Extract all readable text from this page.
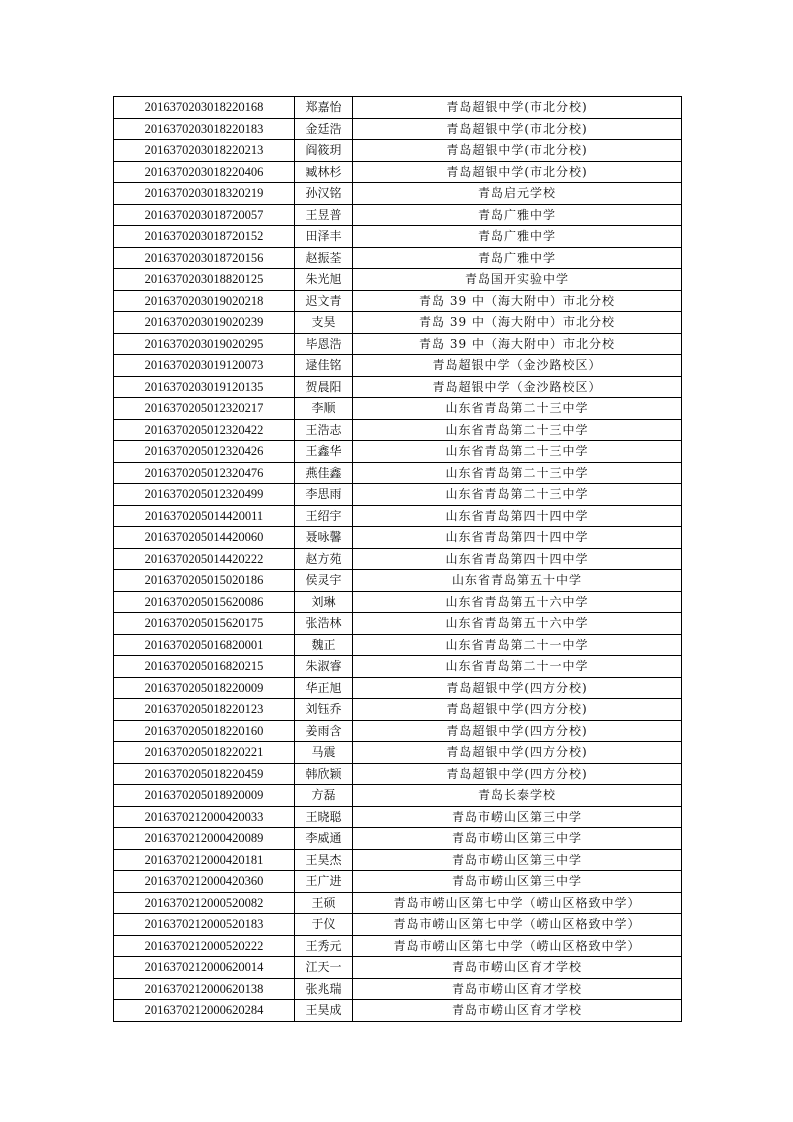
2016370203018220168	郑嘉怡	青岛超银中学(市北分校)
2016370203018220183	金廷浩	青岛超银中学(市北分校)
2016370203018220213	阎筱玥	青岛超银中学(市北分校)
2016370203018220406	臧林杉	青岛超银中学(市北分校)
2016370203018320219	孙汉铭	青岛启元学校
2016370203018720057	王昱普	青岛广雅中学
2016370203018720152	田泽丰	青岛广雅中学
2016370203018720156	赵振荃	青岛广雅中学
2016370203018820125	朱光旭	青岛国开实验中学
2016370203019020218	迟文青	青岛 39 中（海大附中）市北分校
2016370203019020239	支昊	青岛 39 中（海大附中）市北分校
2016370203019020295	毕恩浩	青岛 39 中（海大附中）市北分校
2016370203019120073	逯佳铭	青岛超银中学（金沙路校区）
2016370203019120135	贺晨阳	青岛超银中学（金沙路校区）
2016370205012320217	李顺	山东省青岛第二十三中学
2016370205012320422	王浩志	山东省青岛第二十三中学
2016370205012320426	王鑫华	山东省青岛第二十三中学
2016370205012320476	燕佳鑫	山东省青岛第二十三中学
2016370205012320499	李思雨	山东省青岛第二十三中学
2016370205014420011	王绍宇	山东省青岛第四十四中学
2016370205014420060	聂咏馨	山东省青岛第四十四中学
2016370205014420222	赵方苑	山东省青岛第四十四中学
2016370205015020186	侯灵宇	山东省青岛第五十中学
2016370205015620086	刘琳	山东省青岛第五十六中学
2016370205015620175	张浩林	山东省青岛第五十六中学
2016370205016820001	魏正	山东省青岛第二十一中学
2016370205016820215	朱淑睿	山东省青岛第二十一中学
2016370205018220009	华正旭	青岛超银中学(四方分校)
2016370205018220123	刘钰乔	青岛超银中学(四方分校)
2016370205018220160	姜雨含	青岛超银中学(四方分校)
2016370205018220221	马震	青岛超银中学(四方分校)
2016370205018220459	韩欣颖	青岛超银中学(四方分校)
2016370205018920009	方磊	青岛长泰学校
2016370212000420033	王晓聪	青岛市崂山区第三中学
2016370212000420089	李威通	青岛市崂山区第三中学
2016370212000420181	王昊杰	青岛市崂山区第三中学
2016370212000420360	王广进	青岛市崂山区第三中学
2016370212000520082	王硕	青岛市崂山区第七中学（崂山区格致中学）
2016370212000520183	于仪	青岛市崂山区第七中学（崂山区格致中学）
2016370212000520222	王秀元	青岛市崂山区第七中学（崂山区格致中学）
2016370212000620014	江天一	青岛市崂山区育才学校
2016370212000620138	张兆瑞	青岛市崂山区育才学校
2016370212000620284	王昊成	青岛市崂山区育才学校
